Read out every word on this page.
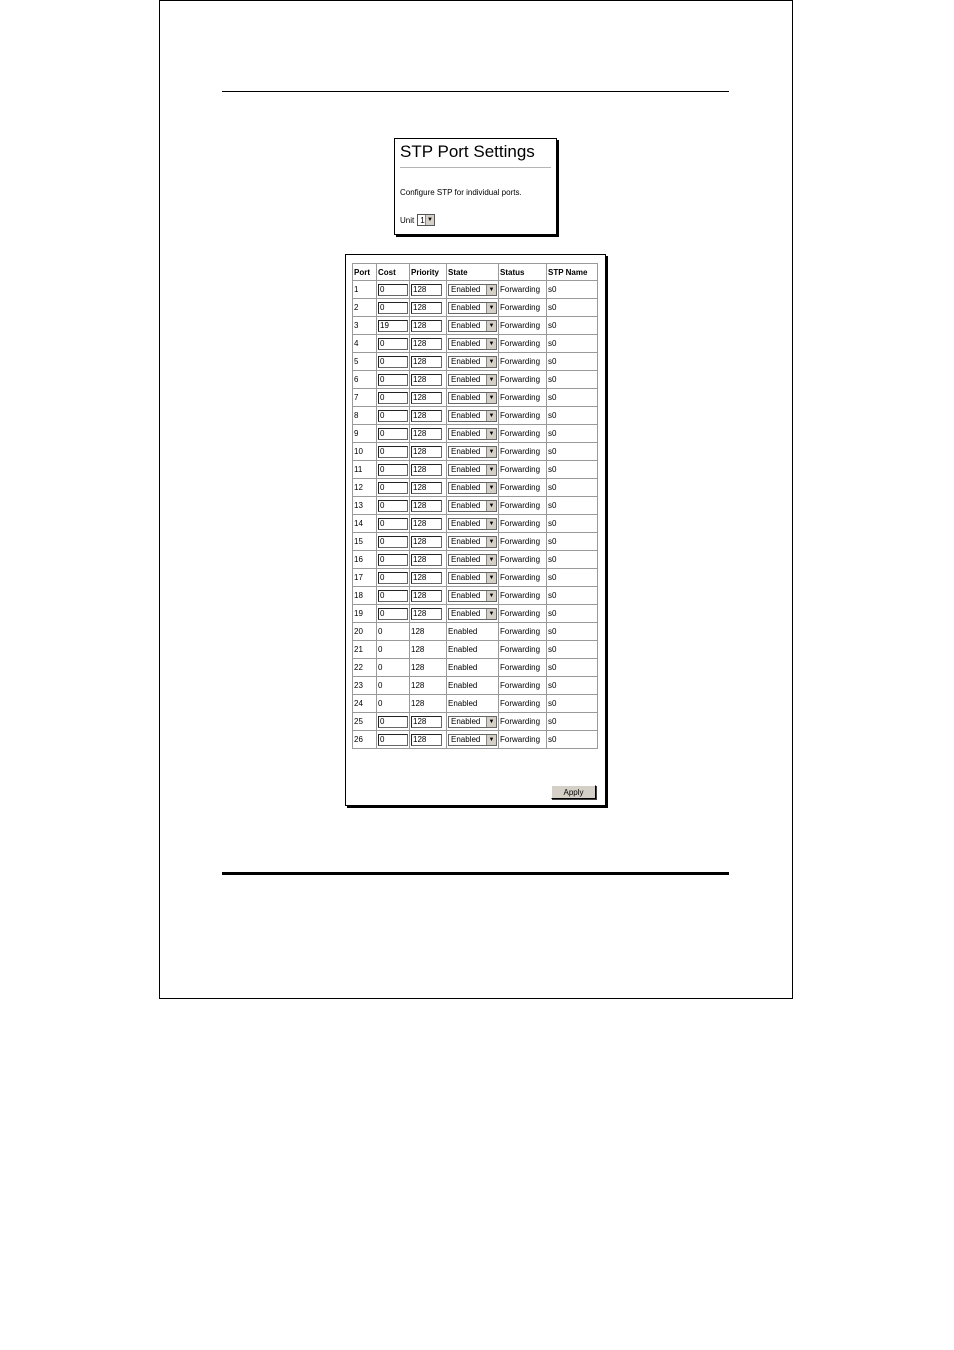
STP Port Settings
Configure STP for individual ports.
Unit 1 ▼
Port	Cost	Priority	State	Status	STP Name
1	0	128	Enabled ▼	Forwarding	s0
2	0	128	Enabled ▼	Forwarding	s0
3	19	128	Enabled ▼	Forwarding	s0
4	0	128	Enabled ▼	Forwarding	s0
5	0	128	Enabled ▼	Forwarding	s0
6	0	128	Enabled ▼	Forwarding	s0
7	0	128	Enabled ▼	Forwarding	s0
8	0	128	Enabled ▼	Forwarding	s0
9	0	128	Enabled ▼	Forwarding	s0
10	0	128	Enabled ▼	Forwarding	s0
11	0	128	Enabled ▼	Forwarding	s0
12	0	128	Enabled ▼	Forwarding	s0
13	0	128	Enabled ▼	Forwarding	s0
14	0	128	Enabled ▼	Forwarding	s0
15	0	128	Enabled ▼	Forwarding	s0
16	0	128	Enabled ▼	Forwarding	s0
17	0	128	Enabled ▼	Forwarding	s0
18	0	128	Enabled ▼	Forwarding	s0
19	0	128	Enabled ▼	Forwarding	s0
20	0	128	Enabled	Forwarding	s0
21	0	128	Enabled	Forwarding	s0
22	0	128	Enabled	Forwarding	s0
23	0	128	Enabled	Forwarding	s0
24	0	128	Enabled	Forwarding	s0
25	0	128	Enabled ▼	Forwarding	s0
26	0	128	Enabled ▼	Forwarding	s0
Apply
